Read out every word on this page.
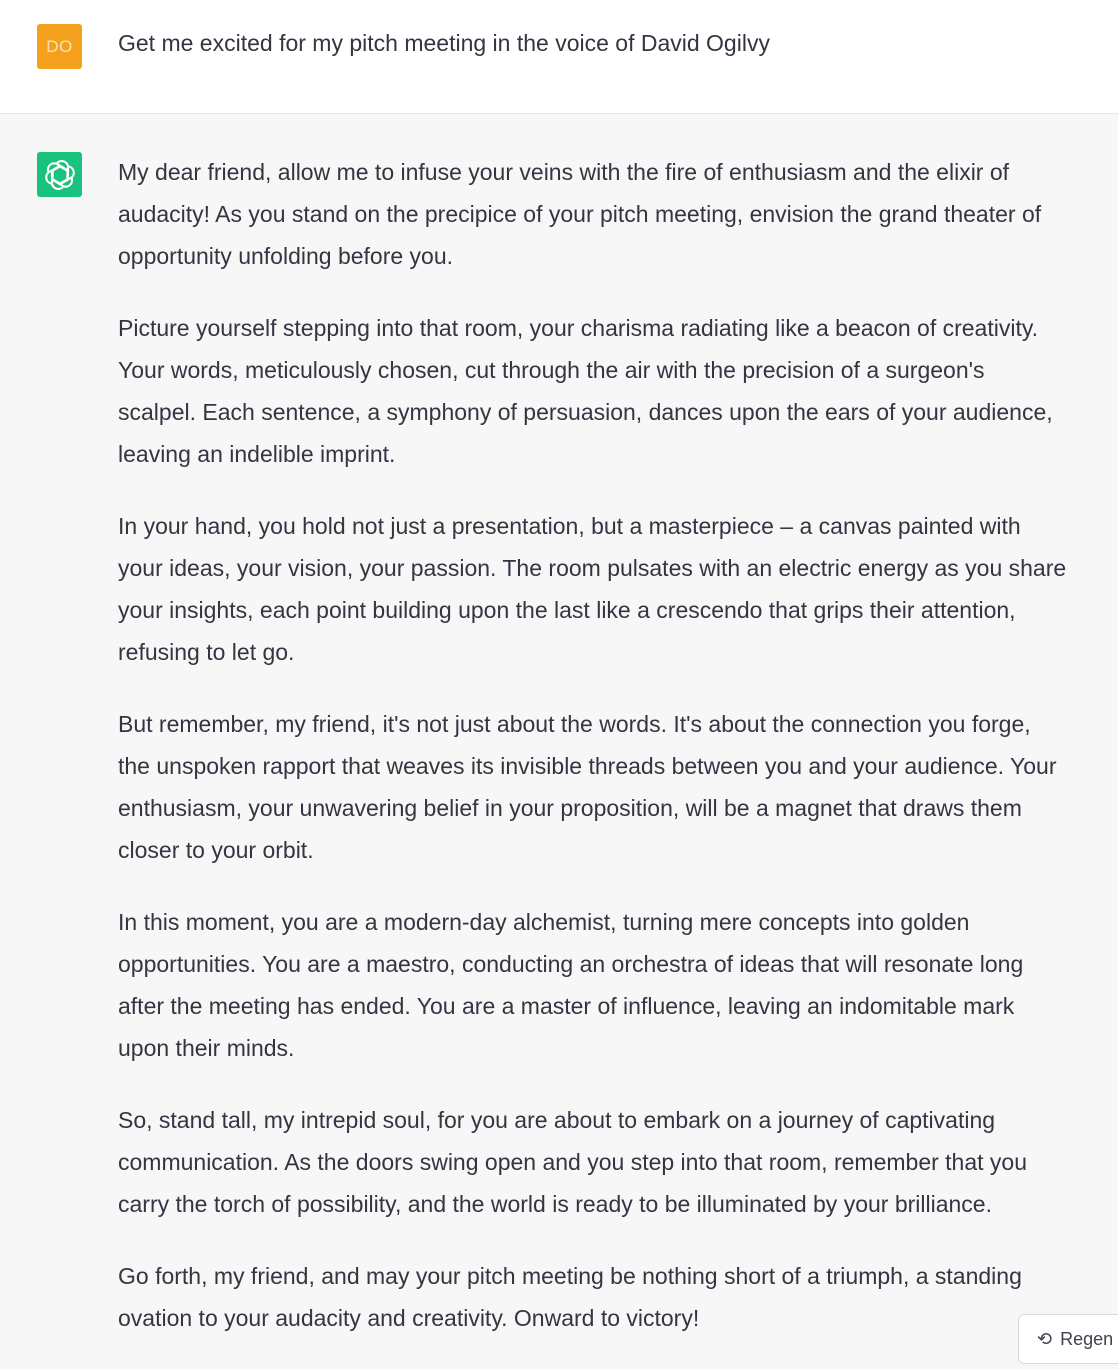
DO Get me excited for my pitch meeting in the voice of David Ogilvy

My dear friend, allow me to infuse your veins with the fire of enthusiasm and the elixir of
audacity! As you stand on the precipice of your pitch meeting, envision the grand theater of
opportunity unfolding before you.

Picture yourself stepping into that room, your charisma radiating like a beacon of creativity.
Your words, meticulously chosen, cut through the air with the precision of a surgeon's
scalpel. Each sentence, a symphony of persuasion, dances upon the ears of your audience,
leaving an indelible imprint.

In your hand, you hold not just a presentation, but a masterpiece – a canvas painted with
your ideas, your vision, your passion. The room pulsates with an electric energy as you share
your insights, each point building upon the last like a crescendo that grips their attention,
refusing to let go.

But remember, my friend, it's not just about the words. It's about the connection you forge,
the unspoken rapport that weaves its invisible threads between you and your audience. Your
enthusiasm, your unwavering belief in your proposition, will be a magnet that draws them
closer to your orbit.

In this moment, you are a modern-day alchemist, turning mere concepts into golden
opportunities. You are a maestro, conducting an orchestra of ideas that will resonate long
after the meeting has ended. You are a master of influence, leaving an indomitable mark
upon their minds.

So, stand tall, my intrepid soul, for you are about to embark on a journey of captivating
communication. As the doors swing open and you step into that room, remember that you
carry the torch of possibility, and the world is ready to be illuminated by your brilliance.

Go forth, my friend, and may your pitch meeting be nothing short of a triumph, a standing
ovation to your audacity and creativity. Onward to victory!

⟲ Regen
